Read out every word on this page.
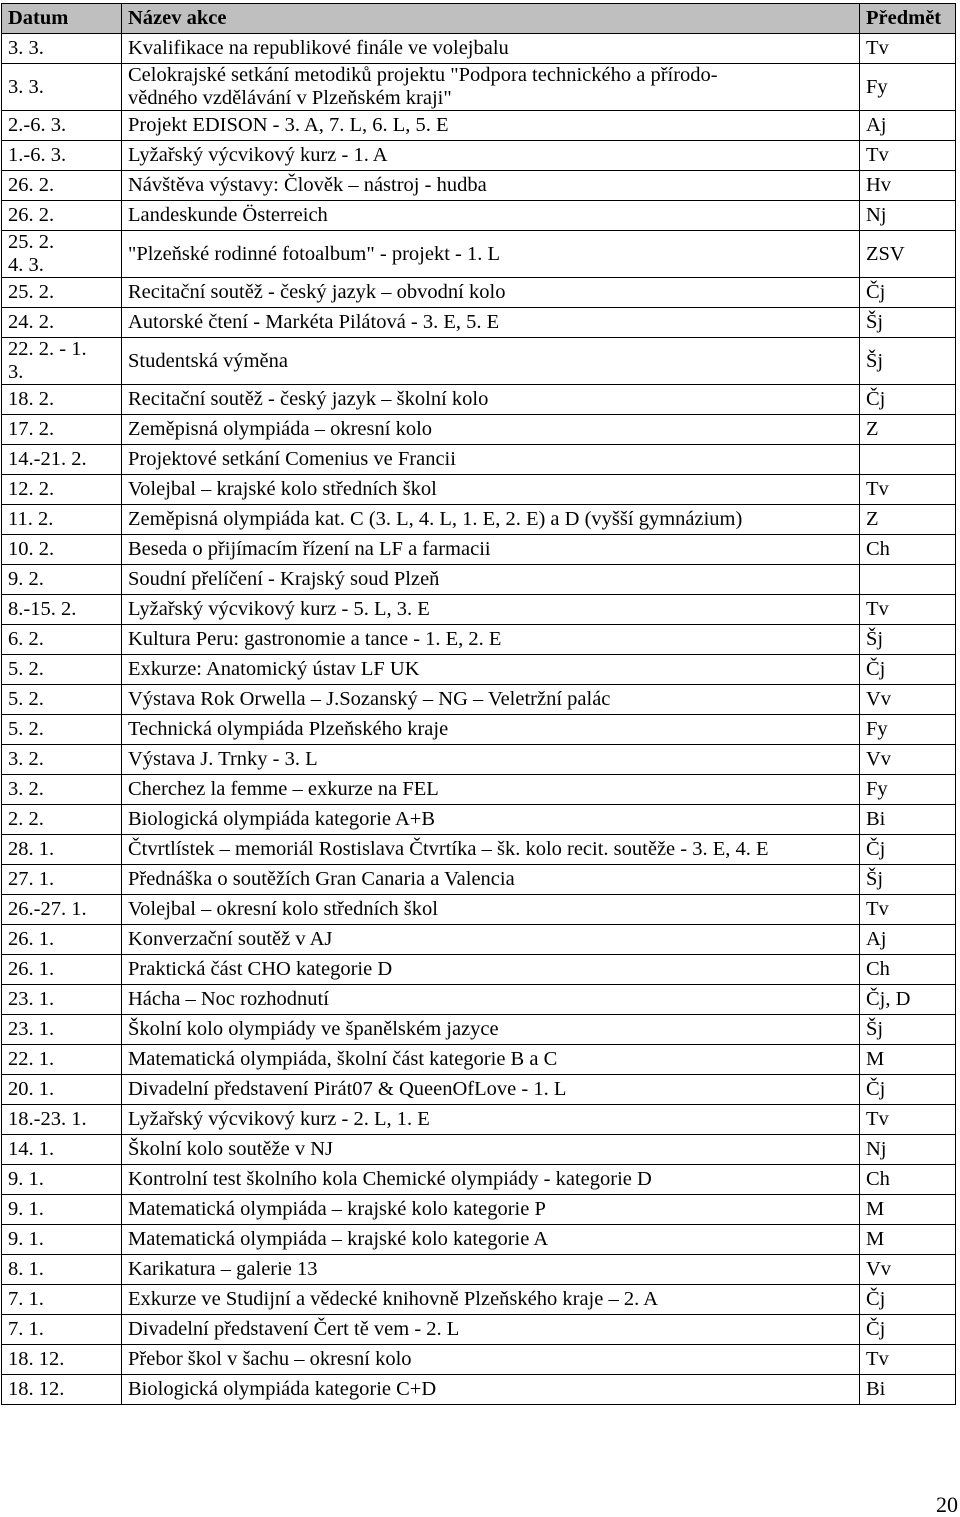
Datum	Název akce	Předmět
3. 3.	Kvalifikace na republikové finále ve volejbalu	Tv
3. 3.	Celokrajské setkání metodiků projektu "Podpora technického a přírodo-
vědného vzdělávání v Plzeňském kraji"	Fy
2.-6. 3.	Projekt EDISON - 3. A, 7. L, 6. L, 5. E	Aj
1.-6. 3.	Lyžařský výcvikový kurz - 1. A	Tv
26. 2.	Návštěva výstavy: Člověk – nástroj - hudba	Hv
26. 2.	Landeskunde Österreich	Nj
25. 2.
4. 3.	"Plzeňské rodinné fotoalbum" - projekt - 1. L	ZSV
25. 2.	Recitační soutěž - český jazyk – obvodní kolo	Čj
24. 2.	Autorské čtení - Markéta Pilátová - 3. E, 5. E	Šj
22. 2. - 1.
3.	Studentská výměna	Šj
18. 2.	Recitační soutěž - český jazyk – školní kolo	Čj
17. 2.	Zeměpisná olympiáda – okresní kolo	Z
14.-21. 2.	Projektové setkání Comenius ve Francii	
12. 2.	Volejbal – krajské kolo středních škol	Tv
11. 2.	Zeměpisná olympiáda kat. C (3. L, 4. L, 1. E, 2. E) a D (vyšší gymnázium)	Z
10. 2.	Beseda o přijímacím řízení na LF a farmacii	Ch
9. 2.	Soudní přelíčení - Krajský soud Plzeň	
8.-15. 2.	Lyžařský výcvikový kurz - 5. L, 3. E	Tv
6. 2.	Kultura Peru: gastronomie a tance - 1. E, 2. E	Šj
5. 2.	Exkurze: Anatomický ústav LF UK	Čj
5. 2.	Výstava Rok Orwella – J.Sozanský – NG – Veletržní palác	Vv
5. 2.	Technická olympiáda Plzeňského kraje	Fy
3. 2.	Výstava J. Trnky - 3. L	Vv
3. 2.	Cherchez la femme – exkurze na FEL	Fy
2. 2.	Biologická olympiáda kategorie A+B	Bi
28. 1.	Čtvrtlístek – memoriál Rostislava Čtvrtíka – šk. kolo recit. soutěže - 3. E, 4. E	Čj
27. 1.	Přednáška o soutěžích Gran Canaria a Valencia	Šj
26.-27. 1.	Volejbal – okresní kolo středních škol	Tv
26. 1.	Konverzační soutěž v AJ	Aj
26. 1.	Praktická část CHO kategorie D	Ch
23. 1.	Hácha – Noc rozhodnutí	Čj, D
23. 1.	Školní kolo olympiády ve španělském jazyce	Šj
22. 1.	Matematická olympiáda, školní část kategorie B a C	M
20. 1.	Divadelní představení Pirát07 & QueenOfLove - 1. L	Čj
18.-23. 1.	Lyžařský výcvikový kurz - 2. L, 1. E	Tv
14. 1.	Školní kolo soutěže v NJ	Nj
9. 1.	Kontrolní test školního kola Chemické olympiády - kategorie D	Ch
9. 1.	Matematická olympiáda – krajské kolo kategorie P	M
9. 1.	Matematická olympiáda – krajské kolo kategorie A	M
8. 1.	Karikatura – galerie 13	Vv
7. 1.	Exkurze ve Studijní a vědecké knihovně Plzeňského kraje – 2. A	Čj
7. 1.	Divadelní představení Čert tě vem - 2. L	Čj
18. 12.	Přebor škol v šachu – okresní kolo	Tv
18. 12.	Biologická olympiáda kategorie C+D	Bi
20
